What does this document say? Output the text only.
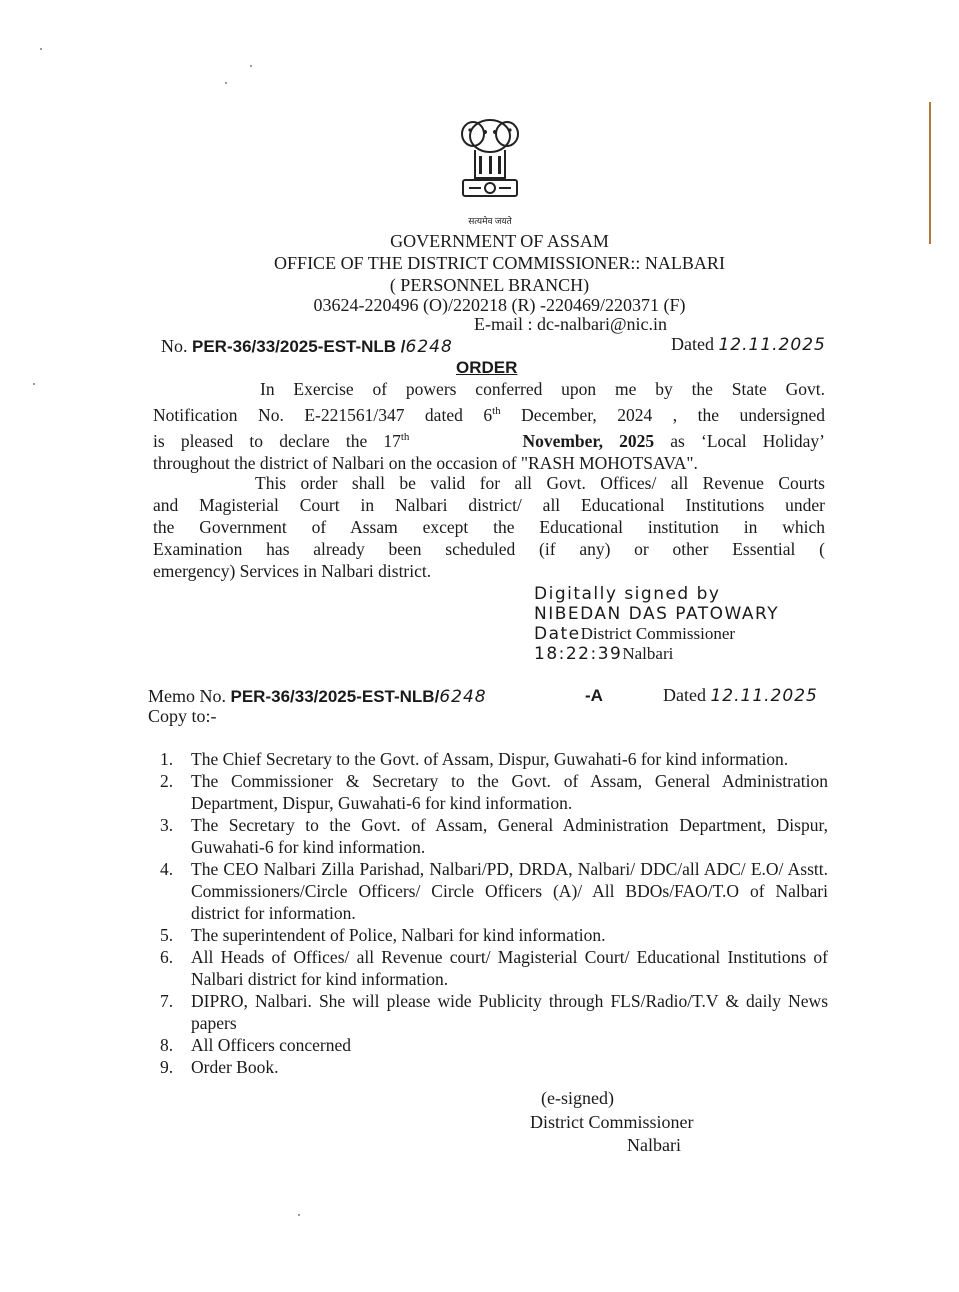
सत्यमेव जयते
GOVERNMENT OF ASSAM
OFFICE OF THE DISTRICT COMMISSIONER:: NALBARI
( PERSONNEL BRANCH)
03624-220496 (O)/220218 (R) -220469/220371 (F)
E-mail : dc-nalbari@nic.in
No. PER-36/33/2025-EST-NLB /6248	Dated 12.11.2025
ORDER
In Exercise of powers conferred upon me by the State Govt.
Notification No. E-221561/347 dated 6th December, 2024 , the undersigned
is pleased to declare the 17th	November, 2025 as ‘Local Holiday’
throughout the district of Nalbari on the occasion of "RASH MOHOTSAVA".
This order shall be valid for all Govt. Offices/ all Revenue Courts
and Magisterial Court in Nalbari district/ all Educational Institutions under
the Government of Assam except the Educational institution in which
Examination has already been scheduled (if any) or other Essential (
emergency) Services in Nalbari district.
Digitally signed by
NIBEDAN DAS PATOWARY
DateDistrict Commissioner
18:22:39Nalbari
Memo No. PER-36/33/2025-EST-NLB/6248	-A	Dated 12.11.2025
Copy to:-
1.	The Chief Secretary to the Govt. of Assam, Dispur, Guwahati-6 for kind information.
2.	The Commissioner & Secretary to the Govt. of Assam, General Administration Department, Dispur, Guwahati-6 for kind information.
3.	The Secretary to the Govt. of Assam, General Administration Department, Dispur, Guwahati-6 for kind information.
4.	The CEO Nalbari Zilla Parishad, Nalbari/PD, DRDA, Nalbari/ DDC/all ADC/ E.O/ Asstt. Commissioners/Circle Officers/ Circle Officers (A)/ All BDOs/FAO/T.O of Nalbari district for information.
5.	The superintendent of Police, Nalbari for kind information.
6.	All Heads of Offices/ all Revenue court/ Magisterial Court/ Educational Institutions of Nalbari district for kind information.
7.	DIPRO, Nalbari. She will please wide Publicity through FLS/Radio/T.V & daily News papers
8.	All Officers concerned
9.	Order Book.
(e-signed)
District Commissioner
Nalbari
